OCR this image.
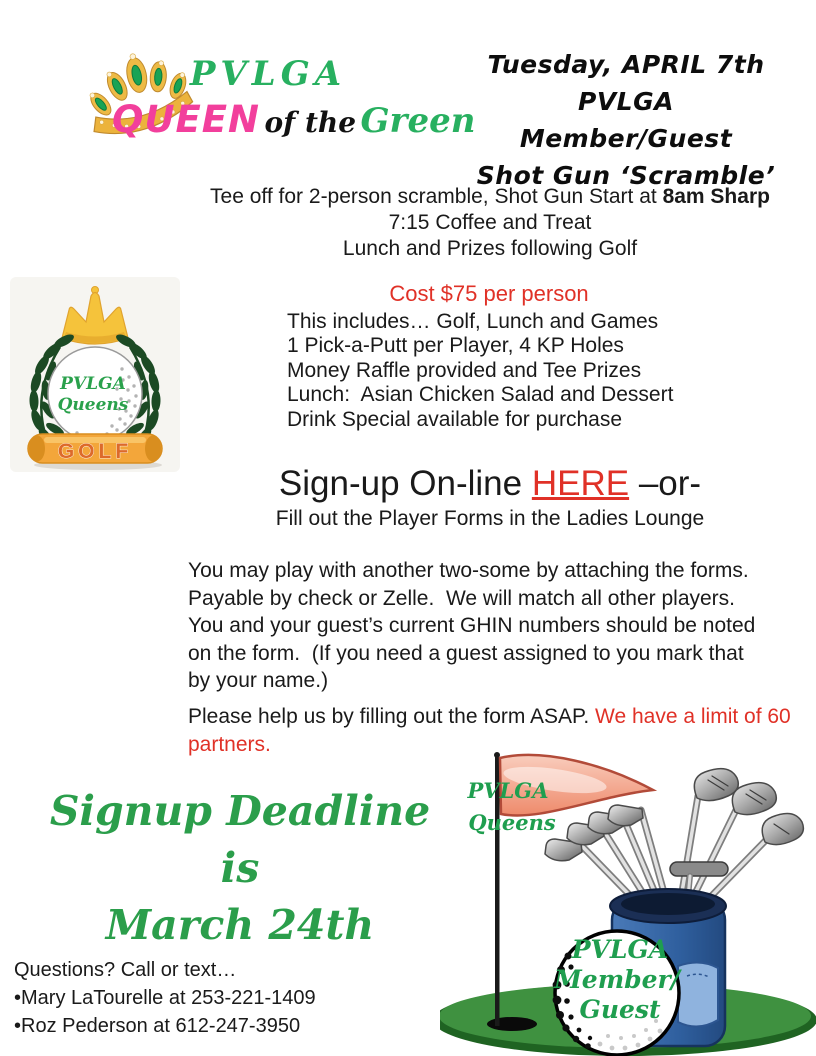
PVLGA
QUEEN of the Green
Tuesday, APRIL 7th
PVLGA Member/Guest
Shot Gun ‘Scramble’
Tee off for 2-person scramble, Shot Gun Start at 8am Sharp
7:15 Coffee and Treat
Lunch and Prizes following Golf
Cost $75 per person
This includes… Golf, Lunch and Games
1 Pick-a-Putt per Player, 4 KP Holes
Money Raffle provided and Tee Prizes
Lunch:  Asian Chicken Salad and Dessert
Drink Special available for purchase
PVLGA
Queens
GOLF
Sign-up On-line HERE –or-
Fill out the Player Forms in the Ladies Lounge
You may play with another two-some by attaching the forms.
Payable by check or Zelle.  We will match all other players.
You and your guest’s current GHIN numbers should be noted
on the form.  (If you need a guest assigned to you mark that
by your name.)
Please help us by filling out the form ASAP. We have a limit of 60 partners.
Signup Deadline is
March 24th
Questions? Call or text…
•Mary LaTourelle at 253-221-1409
•Roz Pederson at 612-247-3950
PVLGA
Queens
PVLGA
Member/
Guest
